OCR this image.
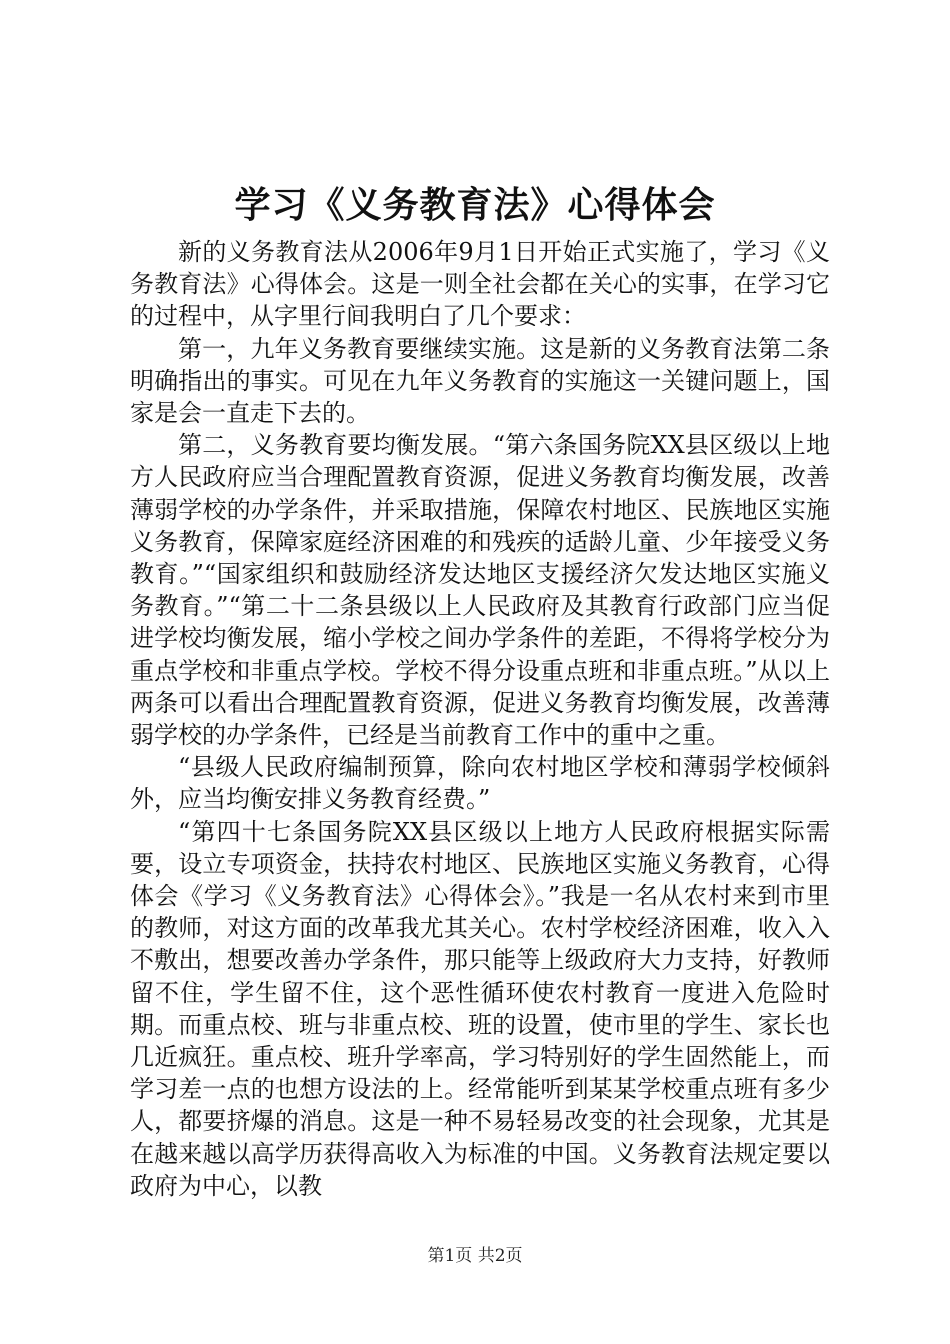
学习《义务教育法》心得体会

新的义务教育法从2006年9月1日开始正式实施了，学习《义务教育法》心得体会。这是一则全社会都在关心的实事，在学习它的过程中，从字里行间我明白了几个要求：

第一，九年义务教育要继续实施。这是新的义务教育法第二条明确指出的事实。可见在九年义务教育的实施这一关键问题上，国家是会一直走下去的。

第二，义务教育要均衡发展。“第六条国务院XX县区级以上地方人民政府应当合理配置教育资源，促进义务教育均衡发展，改善薄弱学校的办学条件，并采取措施，保障农村地区、民族地区实施义务教育，保障家庭经济困难的和残疾的适龄儿童、少年接受义务教育。”“国家组织和鼓励经济发达地区支援经济欠发达地区实施义务教育。”“第二十二条县级以上人民政府及其教育行政部门应当促进学校均衡发展，缩小学校之间办学条件的差距，不得将学校分为重点学校和非重点学校。学校不得分设重点班和非重点班。”从以上两条可以看出合理配置教育资源，促进义务教育均衡发展，改善薄弱学校的办学条件，已经是当前教育工作中的重中之重。

“县级人民政府编制预算，除向农村地区学校和薄弱学校倾斜外，应当均衡安排义务教育经费。”

“第四十七条国务院XX县区级以上地方人民政府根据实际需要，设立专项资金，扶持农村地区、民族地区实施义务教育，心得体会《学习《义务教育法》心得体会》。”我是一名从农村来到市里的教师，对这方面的改革我尤其关心。农村学校经济困难，收入入不敷出，想要改善办学条件，那只能等上级政府大力支持，好教师留不住，学生留不住，这个恶性循环使农村教育一度进入危险时期。而重点校、班与非重点校、班的设置，使市里的学生、家长也几近疯狂。重点校、班升学率高，学习特别好的学生固然能上，而学习差一点的也想方设法的上。经常能听到某某学校重点班有多少人，都要挤爆的消息。这是一种不易轻易改变的社会现象，尤其是在越来越以高学历获得高收入为标准的中国。义务教育法规定要以政府为中心，以教

第1页 共2页
